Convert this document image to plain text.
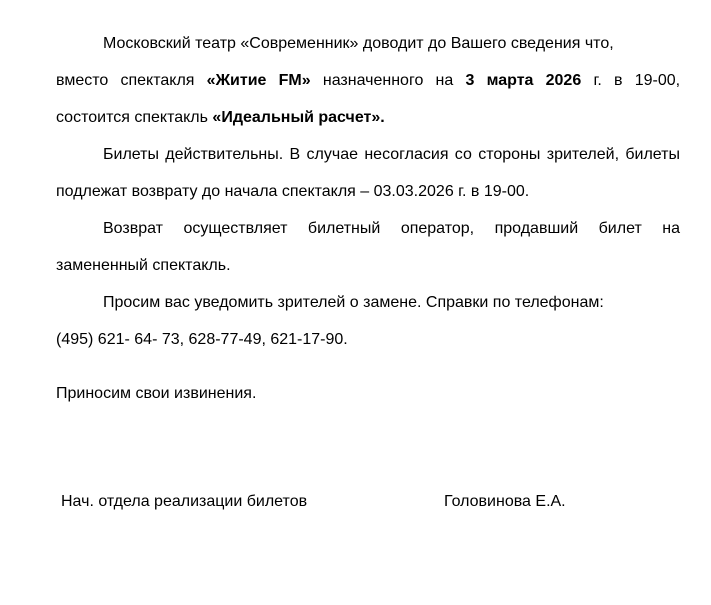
Московский театр «Современник» доводит до Вашего сведения что,
вместо спектакля «Житие FM» назначенного на 3 марта 2026 г. в 19-00,
состоится спектакль «Идеальный расчет».
Билеты действительны. В случае несогласия со стороны зрителей, билеты
подлежат возврату до начала спектакля – 03.03.2026 г. в 19-00.
Возврат осуществляет билетный оператор, продавший билет на
замененный спектакль.
Просим вас уведомить зрителей о замене. Справки по телефонам:
(495) 621- 64- 73, 628-77-49, 621-17-90.
Приносим свои извинения.
Нач. отдела реализации билетов	Головинова Е.А.
